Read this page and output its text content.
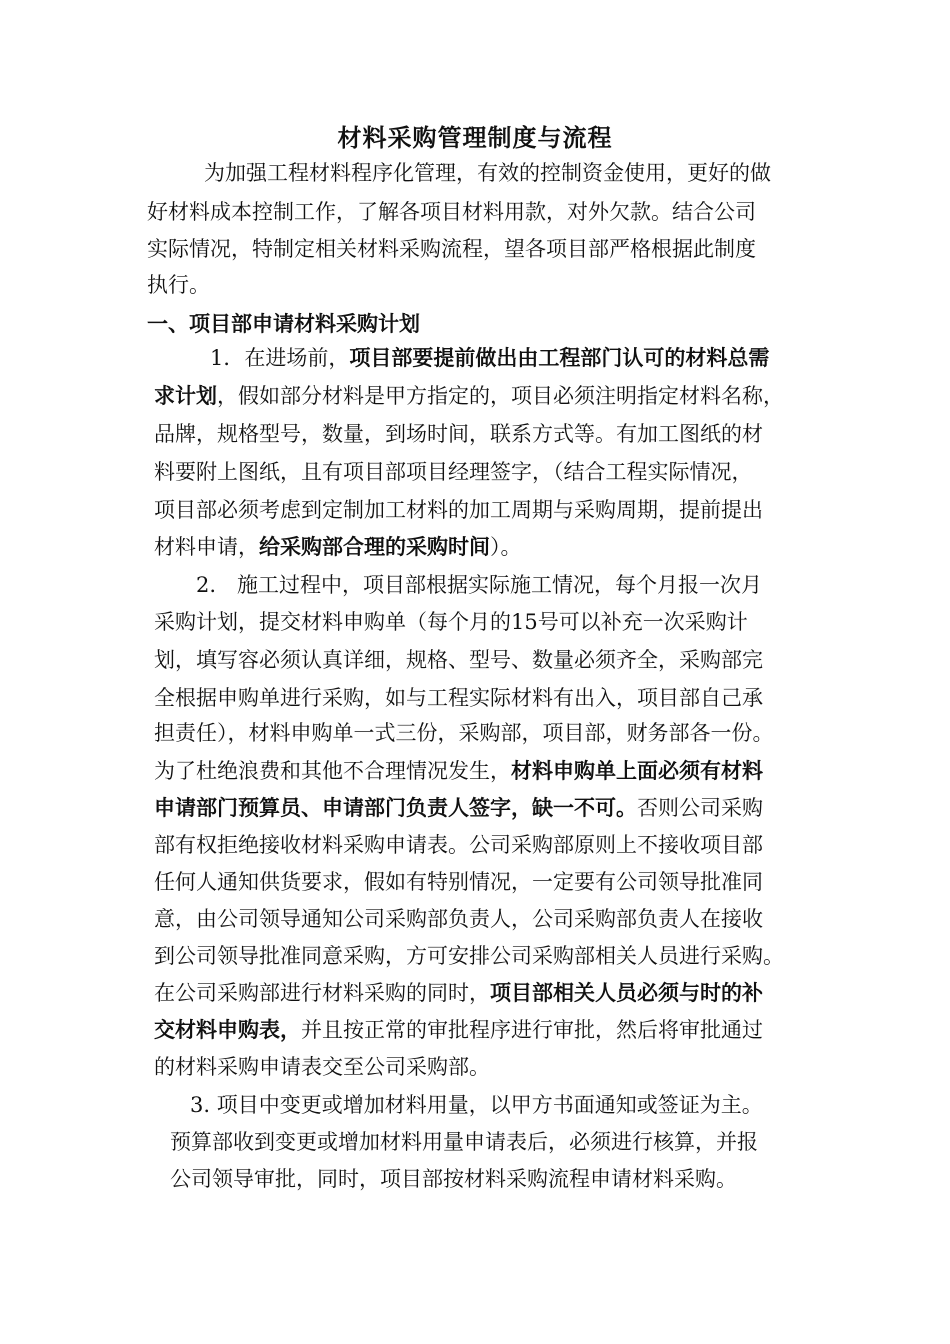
材料采购管理制度与流程
为加强工程材料程序化管理，有效的控制资金使用，更好的做
好材料成本控制工作，了解各项目材料用款，对外欠款。结合公司
实际情况，特制定相关材料采购流程，望各项目部严格根据此制度
执行。
一、项目部申请材料采购计划
1．在进场前，项目部要提前做出由工程部门认可的材料总需
求计划，假如部分材料是甲方指定的，项目必须注明指定材料名称，
品牌，规格型号，数量，到场时间，联系方式等。有加工图纸的材
料要附上图纸，且有项目部项目经理签字，（结合工程实际情况，
项目部必须考虑到定制加工材料的加工周期与采购周期，提前提出
材料申请，给采购部合理的采购时间）。
2.　施工过程中，项目部根据实际施工情况，每个月报一次月
采购计划，提交材料申购单（每个月的15号可以补充一次采购计
划，填写容必须认真详细，规格、型号、数量必须齐全，采购部完
全根据申购单进行采购，如与工程实际材料有出入，项目部自己承
担责任），材料申购单一式三份，采购部，项目部，财务部各一份。
为了杜绝浪费和其他不合理情况发生，材料申购单上面必须有材料
申请部门预算员、申请部门负责人签字，缺一不可。否则公司采购
部有权拒绝接收材料采购申请表。公司采购部原则上不接收项目部
任何人通知供货要求，假如有特别情况，一定要有公司领导批准同
意，由公司领导通知公司采购部负责人，公司采购部负责人在接收
到公司领导批准同意采购，方可安排公司采购部相关人员进行采购。
在公司采购部进行材料采购的同时，项目部相关人员必须与时的补
交材料申购表，并且按正常的审批程序进行审批，然后将审批通过
的材料采购申请表交至公司采购部。
3. 项目中变更或增加材料用量，以甲方书面通知或签证为主。
预算部收到变更或增加材料用量申请表后，必须进行核算，并报
公司领导审批，同时，项目部按材料采购流程申请材料采购。
